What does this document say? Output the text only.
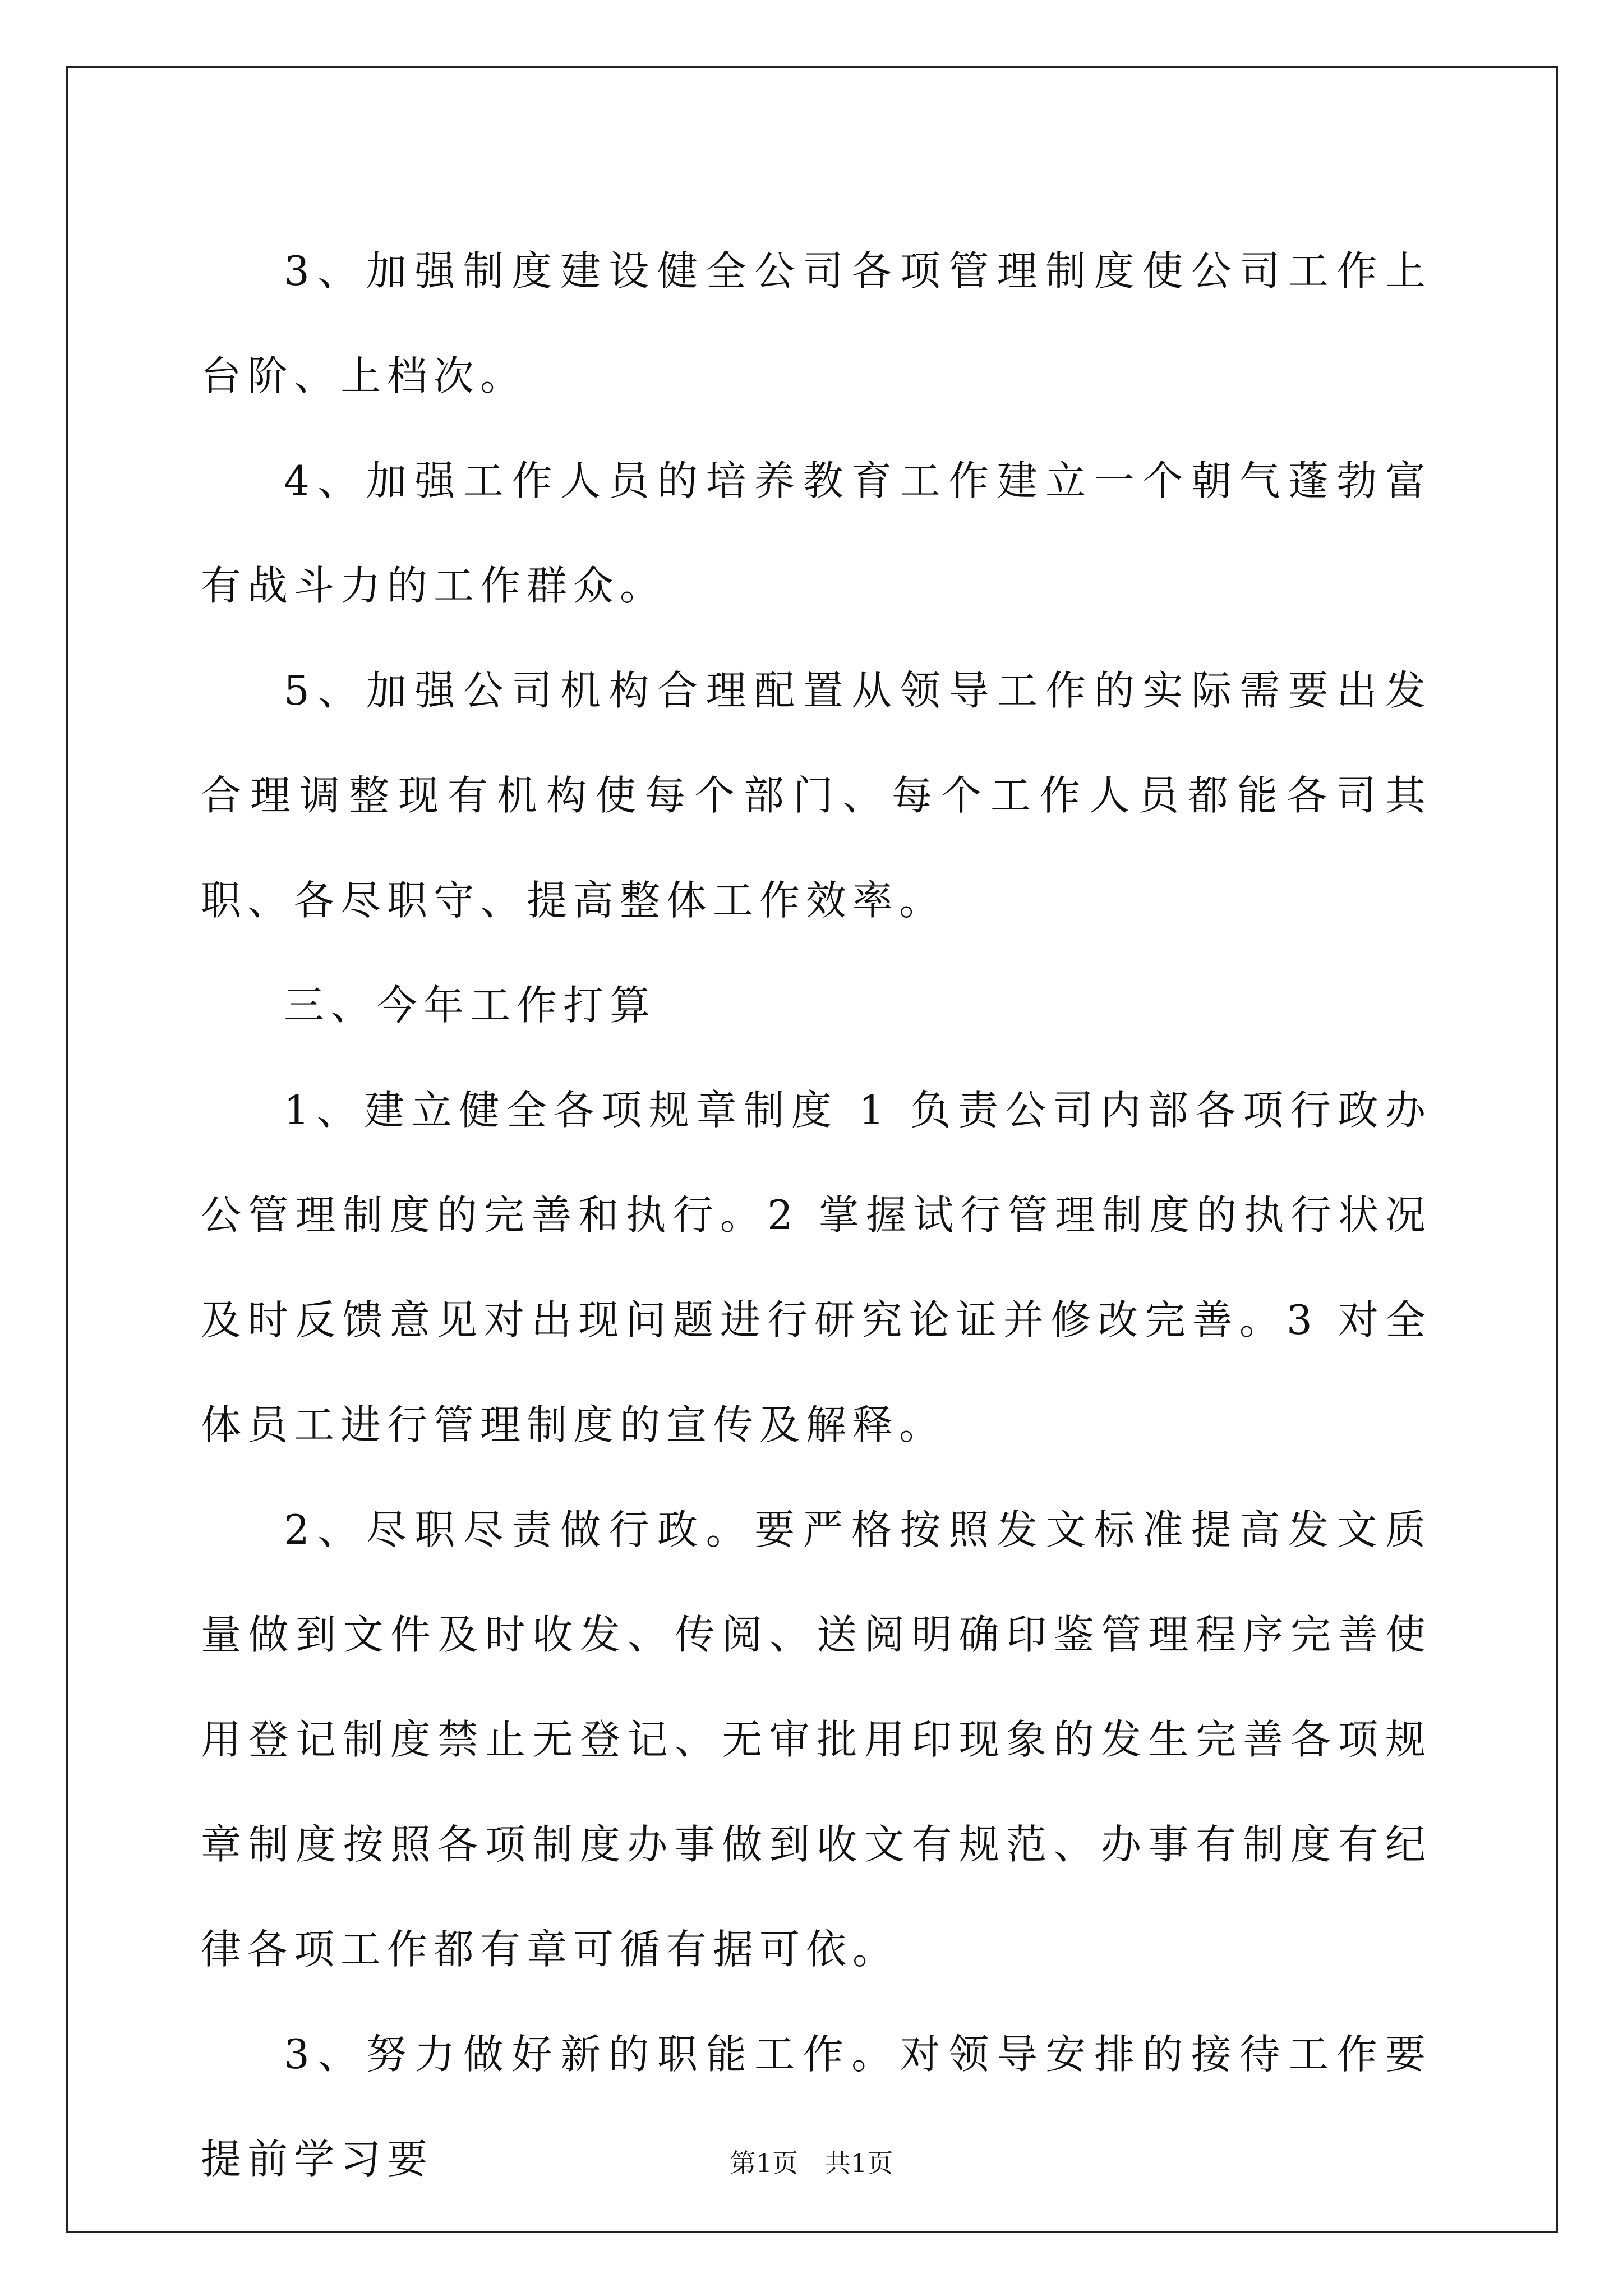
3、加强制度建设健全公司各项管理制度使公司工作上台阶、上档次。

4、加强工作人员的培养教育工作建立一个朝气蓬勃富有战斗力的工作群众。

5、加强公司机构合理配置从领导工作的实际需要出发合理调整现有机构使每个部门、每个工作人员都能各司其职、各尽职守、提高整体工作效率。

三、今年工作打算

1、建立健全各项规章制度 1 负责公司内部各项行政办公管理制度的完善和执行。2 掌握试行管理制度的执行状况及时反馈意见对出现问题进行研究论证并修改完善。3 对全体员工进行管理制度的宣传及解释。

2、尽职尽责做行政。要严格按照发文标准提高发文质量做到文件及时收发、传阅、送阅明确印鉴管理程序完善使用登记制度禁止无登记、无审批用印现象的发生完善各项规章制度按照各项制度办事做到收文有规范、办事有制度有纪律各项工作都有章可循有据可依。

3、努力做好新的职能工作。对领导安排的接待工作要提前学习要	第1页 共1页
